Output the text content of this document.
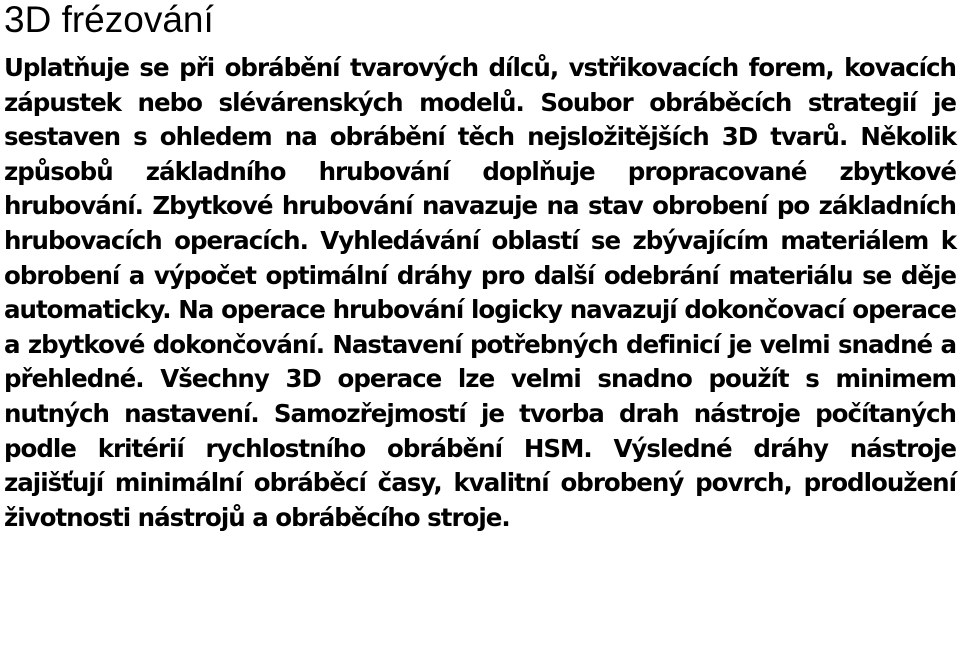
3D frézování

Uplatňuje se při obrábění tvarových dílců, vstřikovacích forem, kovacích zápustek nebo slévárenských modelů. Soubor obráběcích strategií je sestaven s ohledem na obrábění těch nejsložitějších 3D tvarů. Několik způsobů základního hrubování doplňuje propracované zbytkové hrubování. Zbytkové hrubování navazuje na stav obrobení po základních hrubovacích operacích. Vyhledávání oblastí se zbývajícím materiálem k obrobení a výpočet optimální dráhy pro další odebrání materiálu se děje automaticky. Na operace hrubování logicky navazují dokončovací operace a zbytkové dokončování. Nastavení potřebných definicí je velmi snadné a přehledné. Všechny 3D operace lze velmi snadno použít s minimem nutných nastavení. Samozřejmostí je tvorba drah nástroje počítaných podle kritérií rychlostního obrábění HSM. Výsledné dráhy nástroje zajišťují minimální obráběcí časy, kvalitní obrobený povrch, prodloužení životnosti nástrojů a obráběcího stroje.
